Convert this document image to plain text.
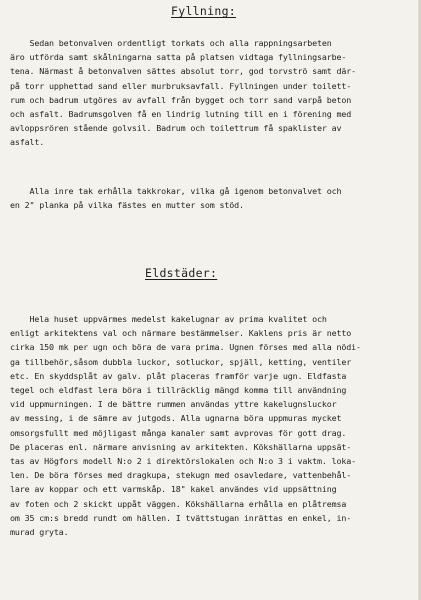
Fyllning:

Sedan betonvalven ordentligt torkats och alla rappningsarbeten
äro utförda samt skålningarna satta på platsen vidtaga fyllningsarbe-
tena. Närmast å betonvalven sättes absolut torr, god torvströ samt där-
på torr upphettad sand eller murbruksavfall. Fyllningen under toilett-
rum och badrum utgöres av avfall från bygget och torr sand varpå beton
och asfalt. Badrumsgolven få en lindrig lutning till en i förening med
avloppsrören stående golvsil. Badrum och toilettrum få spaklister av
asfalt.

Alla inre tak erhålla takkrokar, vilka gå igenom betonvalvet och
en 2" planka på vilka fästes en mutter som stöd.

Eldstäder:

Hela huset uppvärmes medelst kakelugnar av prima kvalitet och
enligt arkitektens val och närmare bestämmelser. Kaklens pris är netto
cirka 150 mk per ugn och böra de vara prima. Ugnen förses med alla nödi-
ga tillbehör,såsom dubbla luckor, sotluckor, spjäll, ketting, ventiler
etc. En skyddsplåt av galv. plåt placeras framför varje ugn. Eldfasta
tegel och eldfast lera böra i tillräcklig mängd komma till användning
vid uppmurningen. I de bättre rummen användas yttre kakelugnsluckor
av messing, i de sämre av jutgods. Alla ugnarna böra uppmuras mycket
omsorgsfullt med möjligast många kanaler samt avprovas för gott drag.
De placeras enl. närmare anvisning av arkitekten. Kökshällarna uppsät-
tas av Högfors modell N:o 2 i direktörslokalen och N:o 3 i vaktm. loka-
len. De böra förses med dragkupa, stekugn med osavledare, vattenbehål-
lare av koppar och ett varmskåp. 18" kakel användes vid uppsättning
av foten och 2 skickt uppåt väggen. Kökshällarna erhålla en plåtremsa
om 35 cm:s bredd rundt om hällen. I tvättstugan inrättas en enkel, in-
murad gryta.
